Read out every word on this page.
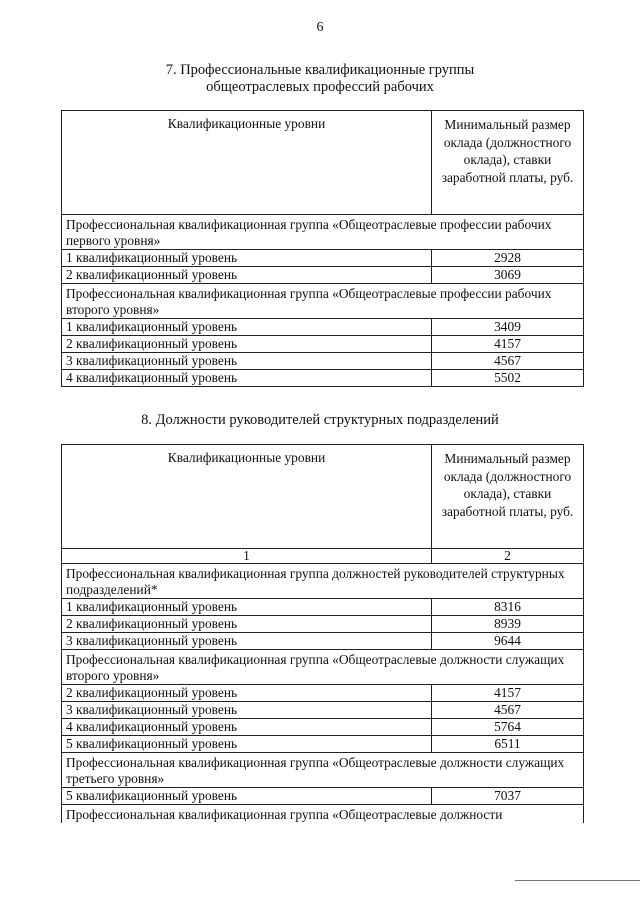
6
7. Профессиональные квалификационные группы
общеотраслевых профессий рабочих
Квалификационные уровни	Минимальный размер оклада (должностного оклада), ставки заработной платы, руб.
Профессиональная квалификационная группа «Общеотраслевые профессии рабочих первого уровня»	
1 квалификационный уровень	2928
2 квалификационный уровень	3069
Профессиональная квалификационная группа «Общеотраслевые профессии рабочих второго уровня»	
1 квалификационный уровень	3409
2 квалификационный уровень	4157
3 квалификационный уровень	4567
4 квалификационный уровень	5502
8. Должности руководителей структурных подразделений
Квалификационные уровни	Минимальный размер оклада (должностного оклада), ставки заработной платы, руб.
1	2
Профессиональная квалификационная группа должностей руководителей структурных подразделений*	
1 квалификационный уровень	8316
2 квалификационный уровень	8939
3 квалификационный уровень	9644
Профессиональная квалификационная группа «Общеотраслевые должности служащих второго уровня»	
2 квалификационный уровень	4157
3 квалификационный уровень	4567
4 квалификационный уровень	5764
5 квалификационный уровень	6511
Профессиональная квалификационная группа «Общеотраслевые должности служащих третьего уровня»	
5 квалификационный уровень	7037
Профессиональная квалификационная группа «Общеотраслевые должности	
